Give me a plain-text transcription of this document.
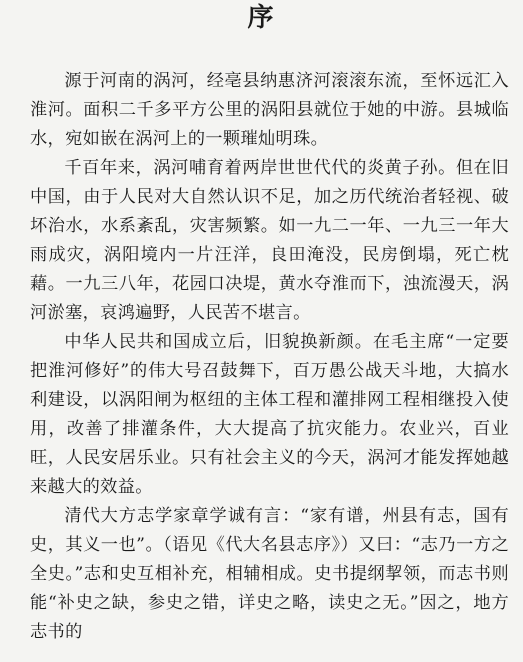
序

源于河南的涡河，经亳县纳惠济河滚滚东流，至怀远汇入淮河。面积二千多平方公里的涡阳县就位于她的中游。县城临水，宛如嵌在涡河上的一颗璀灿明珠。

千百年来，涡河哺育着两岸世世代代的炎黄子孙。但在旧中国，由于人民对大自然认识不足，加之历代统治者轻视、破坏治水，水系紊乱，灾害频繁。如一九二一年、一九三一年大雨成灾，涡阳境内一片汪洋，良田淹没，民房倒塌，死亡枕藉。一九三八年，花园口决堤，黄水夺淮而下，浊流漫天，涡河淤塞，哀鸿遍野，人民苦不堪言。

中华人民共和国成立后，旧貌换新颜。在毛主席“一定要把淮河修好”的伟大号召鼓舞下，百万愚公战天斗地，大搞水利建设，以涡阳闸为枢纽的主体工程和灌排网工程相继投入使用，改善了排灌条件，大大提高了抗灾能力。农业兴，百业旺，人民安居乐业。只有社会主义的今天，涡河才能发挥她越来越大的效益。

清代大方志学家章学诚有言：“家有谱，州县有志，国有史，其义一也”。（语见《代大名县志序》）又曰：“志乃一方之全史。”志和史互相补充，相辅相成。史书提纲挈领，而志书则能“补史之缺，参史之错，详史之略，读史之无。”因之，地方志书的
